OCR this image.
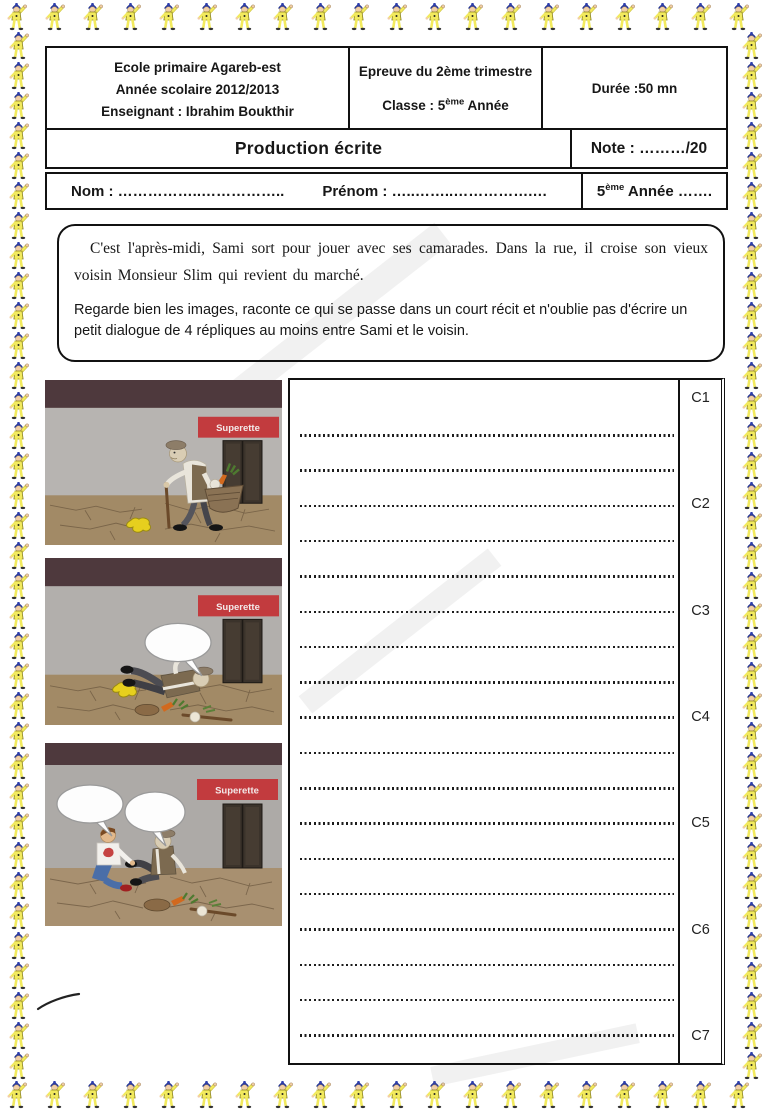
Ecole primaire Agareb-est
Année scolaire 2012/2013
Enseignant : Ibrahim Boukthir
Epreuve du 2ème trimestre
Classe : 5ème Année
Durée :50 mn
Production écrite	Note : ………/20
Nom : ……………..……………..	Prénom : …..……..…………….…	5ème Année …….

C'est l'après-midi, Sami sort pour jouer avec ses camarades. Dans la rue, il croise son vieux voisin Monsieur Slim qui revient du marché.

Regarde bien les images, raconte ce qui se passe dans un court récit et n'oublie pas d'écrire un petit dialogue de 4 répliques au moins entre Sami et le voisin.

Superette
Superette
Superette
C1
C2
C3
C4
C5
C6
C7
